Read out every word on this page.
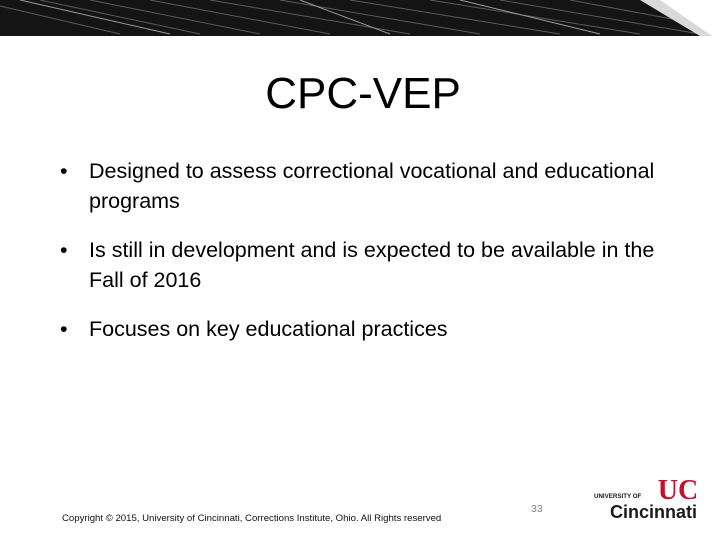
CPC-VEP
• Designed to assess correctional vocational and educational programs
• Is still in development and is expected to be available in the Fall of 2016
• Focuses on key educational practices
Copyright © 2015, University of Cincinnati, Corrections Institute, Ohio. All Rights reserved
33
UNIVERSITY OF UC
Cincinnati
